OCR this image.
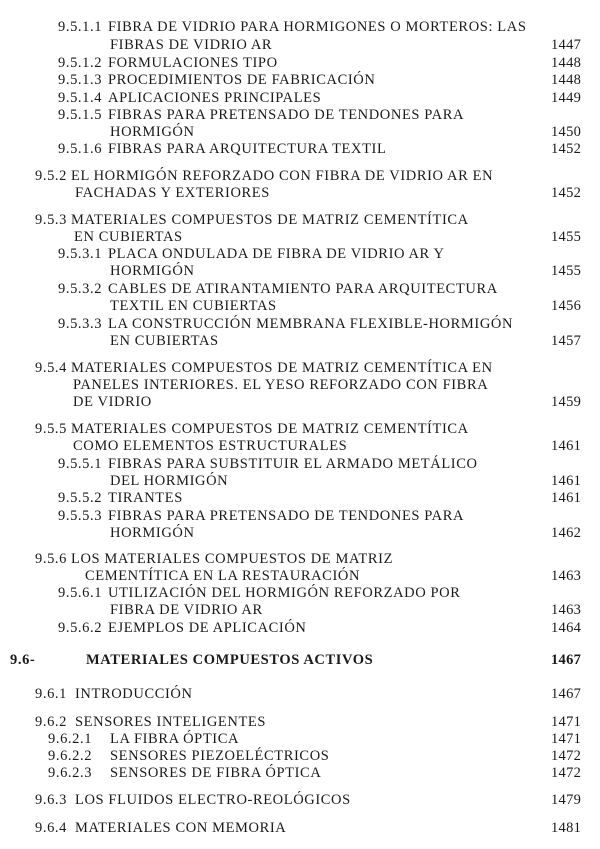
9.5.1.1 FIBRA DE VIDRIO PARA HORMIGONES O MORTEROS: LAS
FIBRAS DE VIDRIO AR	1447
9.5.1.2 FORMULACIONES TIPO	1448
9.5.1.3 PROCEDIMIENTOS DE FABRICACIÓN	1448
9.5.1.4 APLICACIONES PRINCIPALES	1449
9.5.1.5 FIBRAS PARA PRETENSADO DE TENDONES PARA
HORMIGÓN	1450
9.5.1.6 FIBRAS PARA ARQUITECTURA TEXTIL	1452
9.5.2 EL HORMIGÓN REFORZADO CON FIBRA DE VIDRIO AR EN
FACHADAS Y EXTERIORES	1452
9.5.3 MATERIALES COMPUESTOS DE MATRIZ CEMENTÍTICA
EN CUBIERTAS	1455
9.5.3.1 PLACA ONDULADA DE FIBRA DE VIDRIO AR Y
HORMIGÓN	1455
9.5.3.2 CABLES DE ATIRANTAMIENTO PARA ARQUITECTURA
TEXTIL EN CUBIERTAS	1456
9.5.3.3 LA CONSTRUCCIÓN MEMBRANA FLEXIBLE-HORMIGÓN
EN CUBIERTAS	1457
9.5.4 MATERIALES COMPUESTOS DE MATRIZ CEMENTÍTICA EN
PANELES INTERIORES. EL YESO REFORZADO CON FIBRA
DE VIDRIO	1459
9.5.5 MATERIALES COMPUESTOS DE MATRIZ CEMENTÍTICA
COMO ELEMENTOS ESTRUCTURALES	1461
9.5.5.1 FIBRAS PARA SUBSTITUIR EL ARMADO METÁLICO
DEL HORMIGÓN	1461
9.5.5.2 TIRANTES	1461
9.5.5.3 FIBRAS PARA PRETENSADO DE TENDONES PARA
HORMIGÓN	1462
9.5.6 LOS MATERIALES COMPUESTOS DE MATRIZ
CEMENTÍTICA EN LA RESTAURACIÓN	1463
9.5.6.1 UTILIZACIÓN DEL HORMIGÓN REFORZADO POR
FIBRA DE VIDRIO AR	1463
9.5.6.2 EJEMPLOS DE APLICACIÓN	1464
9.6-	MATERIALES COMPUESTOS ACTIVOS	1467
9.6.1 INTRODUCCIÓN	1467
9.6.2 SENSORES INTELIGENTES	1471
9.6.2.1 LA FIBRA ÓPTICA	1471
9.6.2.2 SENSORES PIEZOELÉCTRICOS	1472
9.6.2.3 SENSORES DE FIBRA ÓPTICA	1472
9.6.3 LOS FLUIDOS ELECTRO-REOLÓGICOS	1479
9.6.4 MATERIALES CON MEMORIA	1481
